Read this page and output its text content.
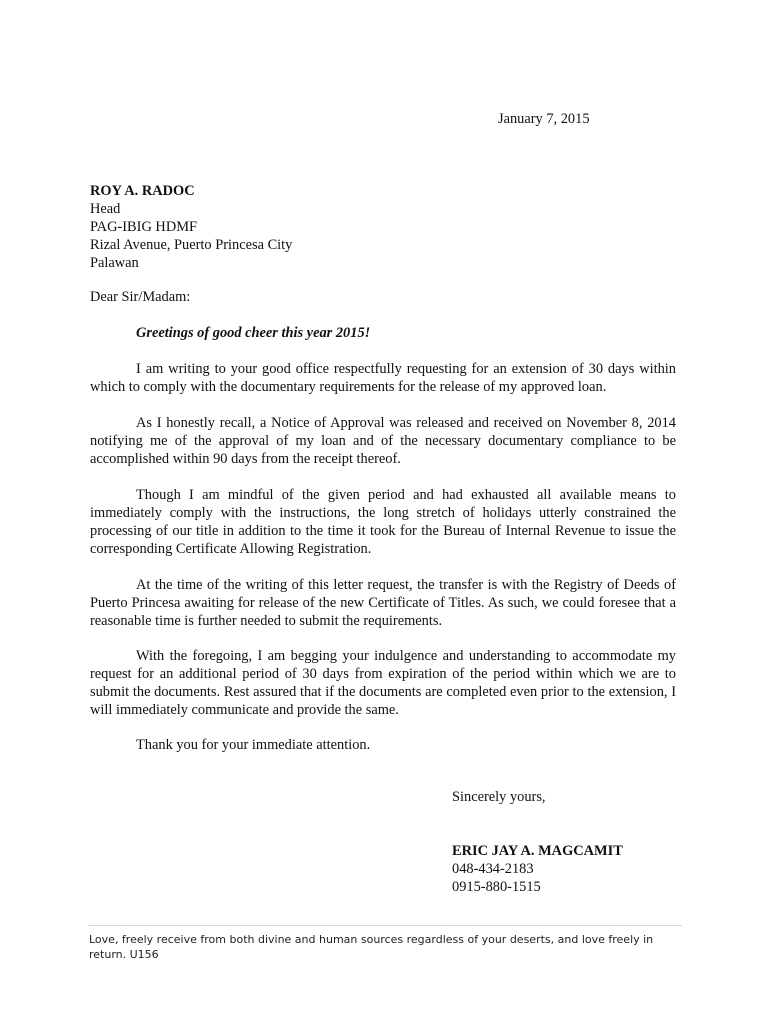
January 7, 2015
ROY A. RADOC
Head
PAG-IBIG HDMF
Rizal Avenue, Puerto Princesa City
Palawan
Dear Sir/Madam:
Greetings of good cheer this year 2015!
I am writing to your good office respectfully requesting for an extension of 30 days within which to comply with the documentary requirements for the release of my approved loan.
As I honestly recall, a Notice of Approval was released and received on November 8, 2014 notifying me of the approval of my loan and of the necessary documentary compliance to be accomplished within 90 days from the receipt thereof.
Though I am mindful of the given period and had exhausted all available means to immediately comply with the instructions, the long stretch of holidays utterly constrained the processing of our title in addition to the time it took for the Bureau of Internal Revenue to issue the corresponding Certificate Allowing Registration.
At the time of the writing of this letter request, the transfer is with the Registry of Deeds of Puerto Princesa awaiting for release of the new Certificate of Titles. As such, we could foresee that a reasonable time is further needed to submit the requirements.
With the foregoing, I am begging your indulgence and understanding to accommodate my request for an additional period of 30 days from expiration of the period within which we are to submit the documents. Rest assured that if the documents are completed even prior to the extension, I will immediately communicate and provide the same.
Thank you for your immediate attention.
Sincerely yours,
ERIC JAY A. MAGCAMIT
048-434-2183
0915-880-1515
Love, freely receive from both divine and human sources regardless of your deserts, and love freely in return. U156
